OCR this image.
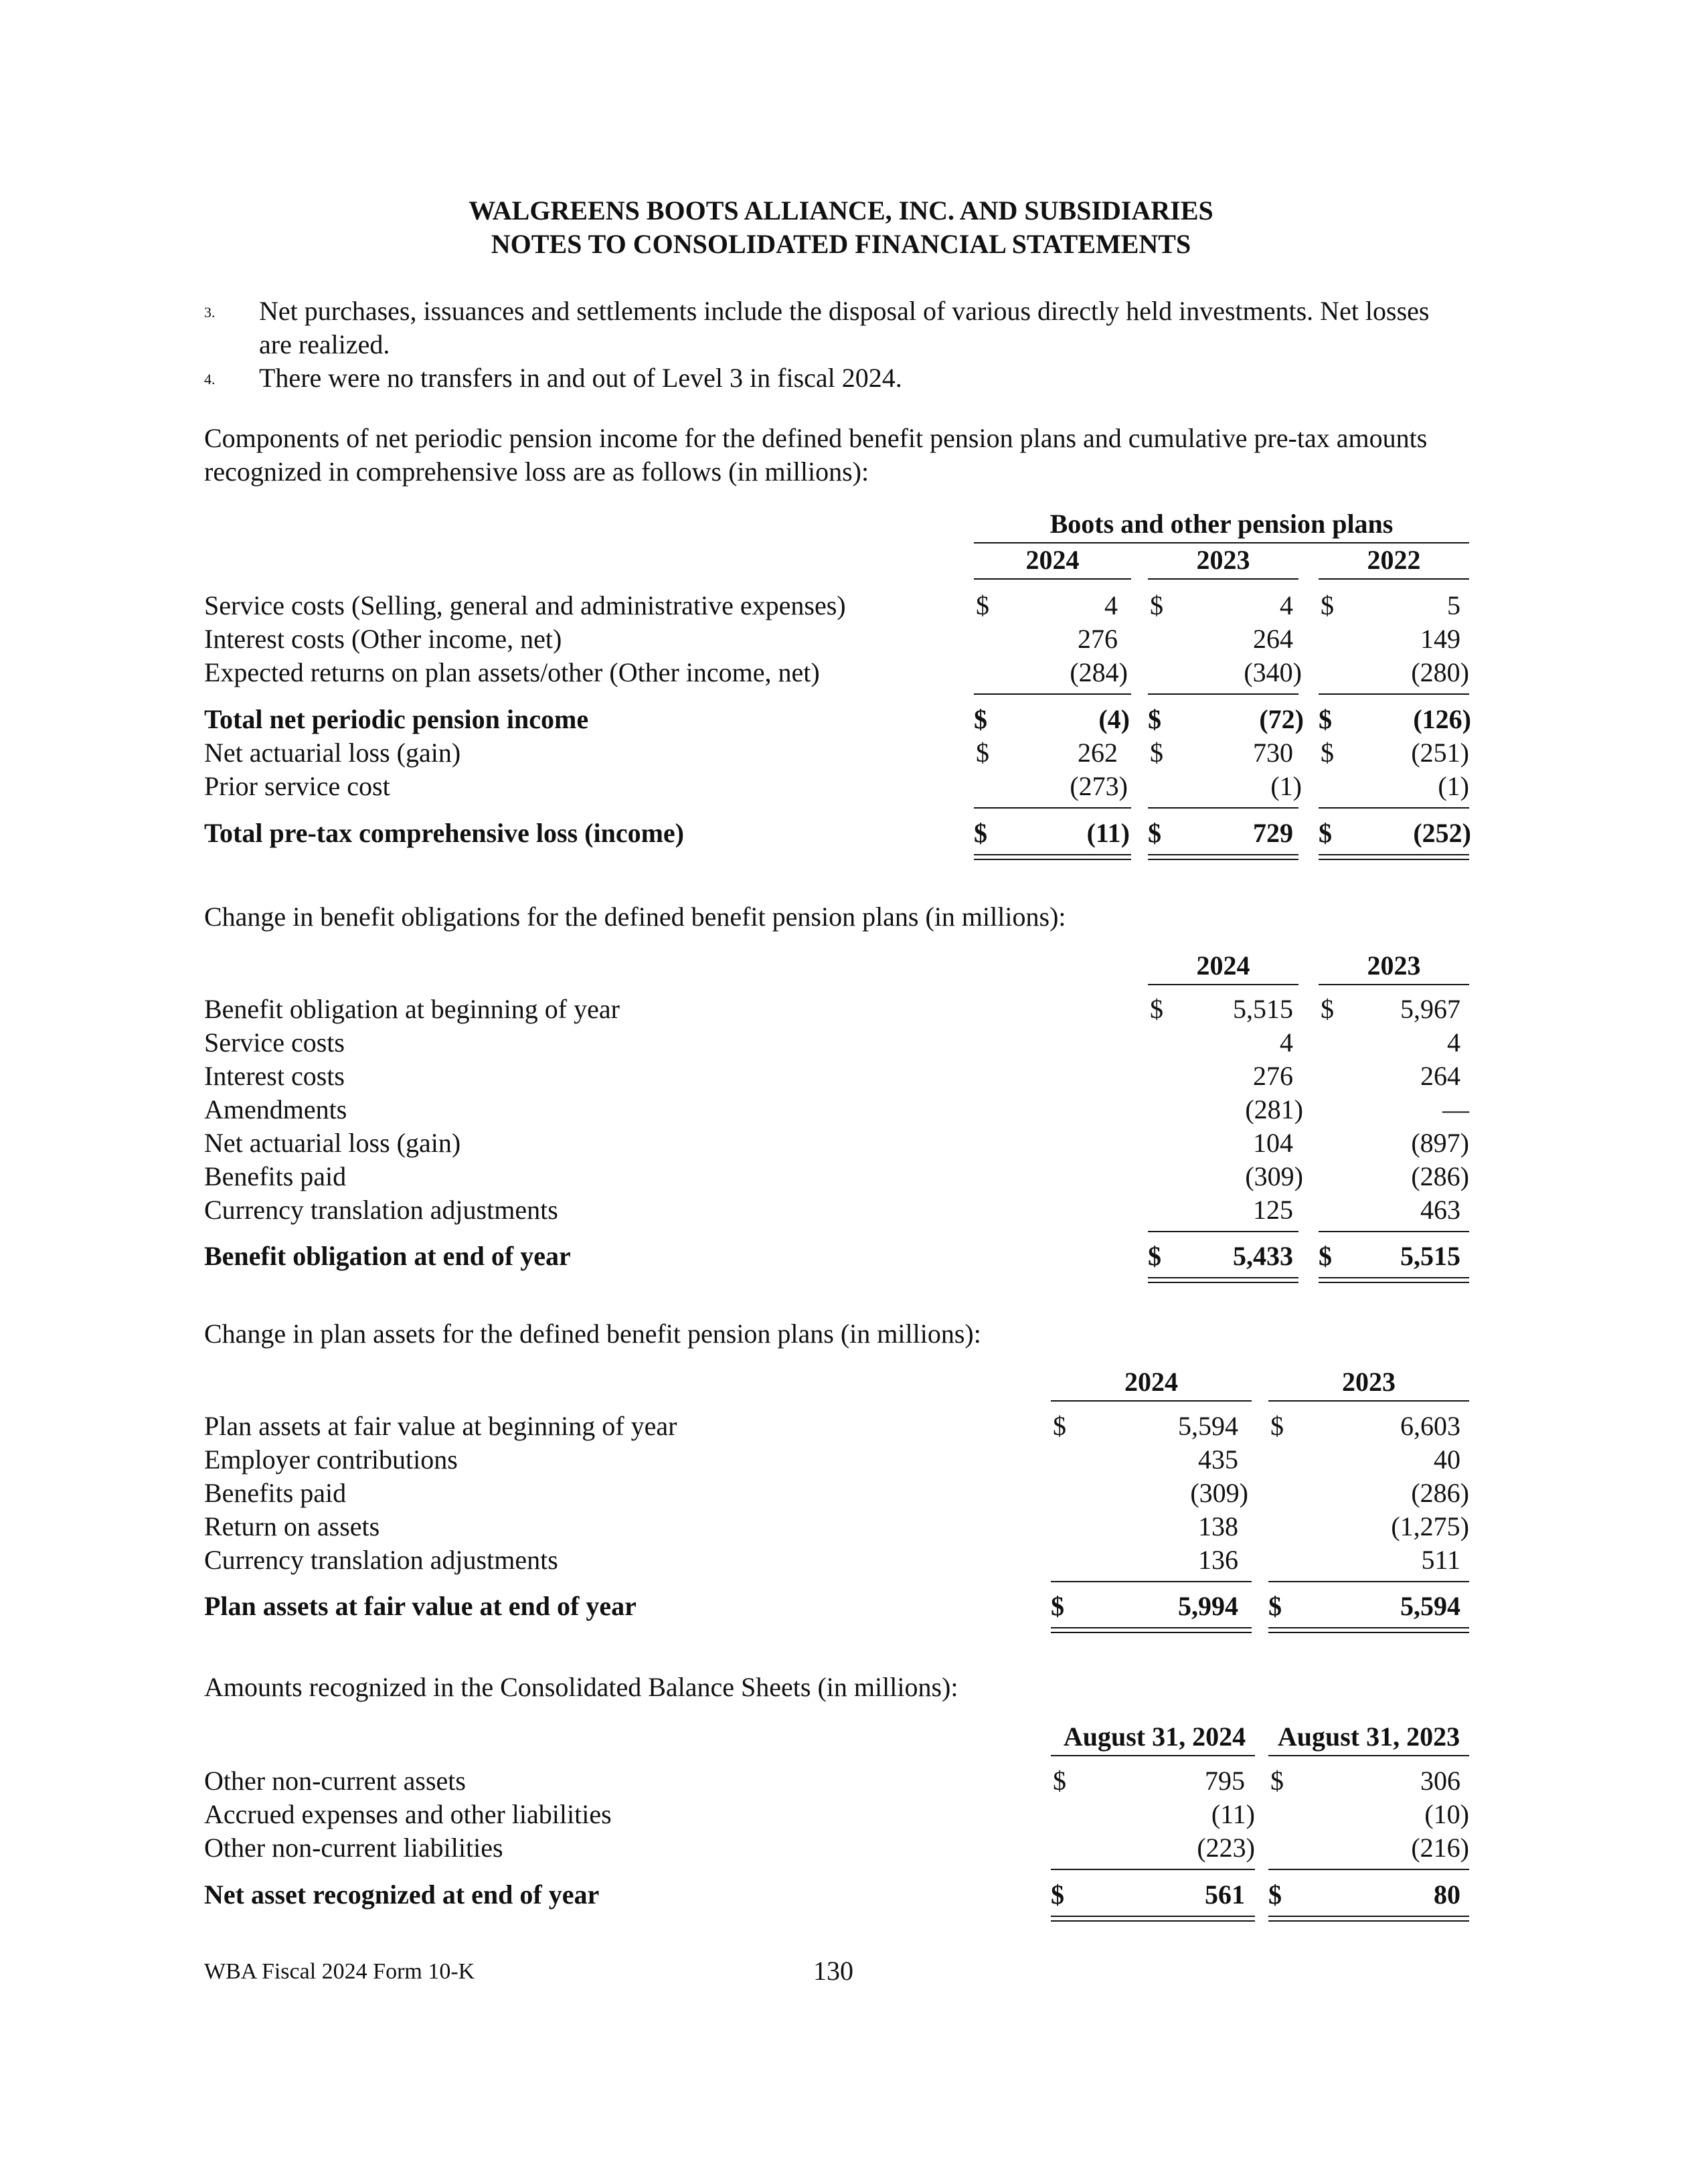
WALGREENS BOOTS ALLIANCE, INC. AND SUBSIDIARIES
NOTES TO CONSOLIDATED FINANCIAL STATEMENTS
3. Net purchases, issuances and settlements include the disposal of various directly held investments. Net losses are realized.
4. There were no transfers in and out of Level 3 in fiscal 2024.
Components of net periodic pension income for the defined benefit pension plans and cumulative pre-tax amounts recognized in comprehensive loss are as follows (in millions):
Boots and other pension plans
2024	2023	2022
Service costs (Selling, general and administrative expenses)	$	4 $	4 $	5
Interest costs (Other income, net)	276	264	149
Expected returns on plan assets/other (Other income, net)	(284)	(340)	(280)
Total net periodic pension income	$	(4) $	(72) $	(126)
Net actuarial loss (gain)	$	262 $	730 $	(251)
Prior service cost	(273)	(1)	(1)
Total pre-tax comprehensive loss (income)	$	(11) $	729 $	(252)
Change in benefit obligations for the defined benefit pension plans (in millions):
2024	2023
Benefit obligation at beginning of year	$	5,515 $	5,967
Service costs	4	4
Interest costs	276	264
Amendments	(281)	—
Net actuarial loss (gain)	104	(897)
Benefits paid	(309)	(286)
Currency translation adjustments	125	463
Benefit obligation at end of year	$	5,433 $	5,515
Change in plan assets for the defined benefit pension plans (in millions):
2024	2023
Plan assets at fair value at beginning of year	$	5,594 $	6,603
Employer contributions	435	40
Benefits paid	(309)	(286)
Return on assets	138	(1,275)
Currency translation adjustments	136	511
Plan assets at fair value at end of year	$	5,994 $	5,594
Amounts recognized in the Consolidated Balance Sheets (in millions):
August 31, 2024	August 31, 2023
Other non-current assets	$	795 $	306
Accrued expenses and other liabilities	(11)	(10)
Other non-current liabilities	(223)	(216)
Net asset recognized at end of year	$	561 $	80
WBA Fiscal 2024 Form 10-K	130
